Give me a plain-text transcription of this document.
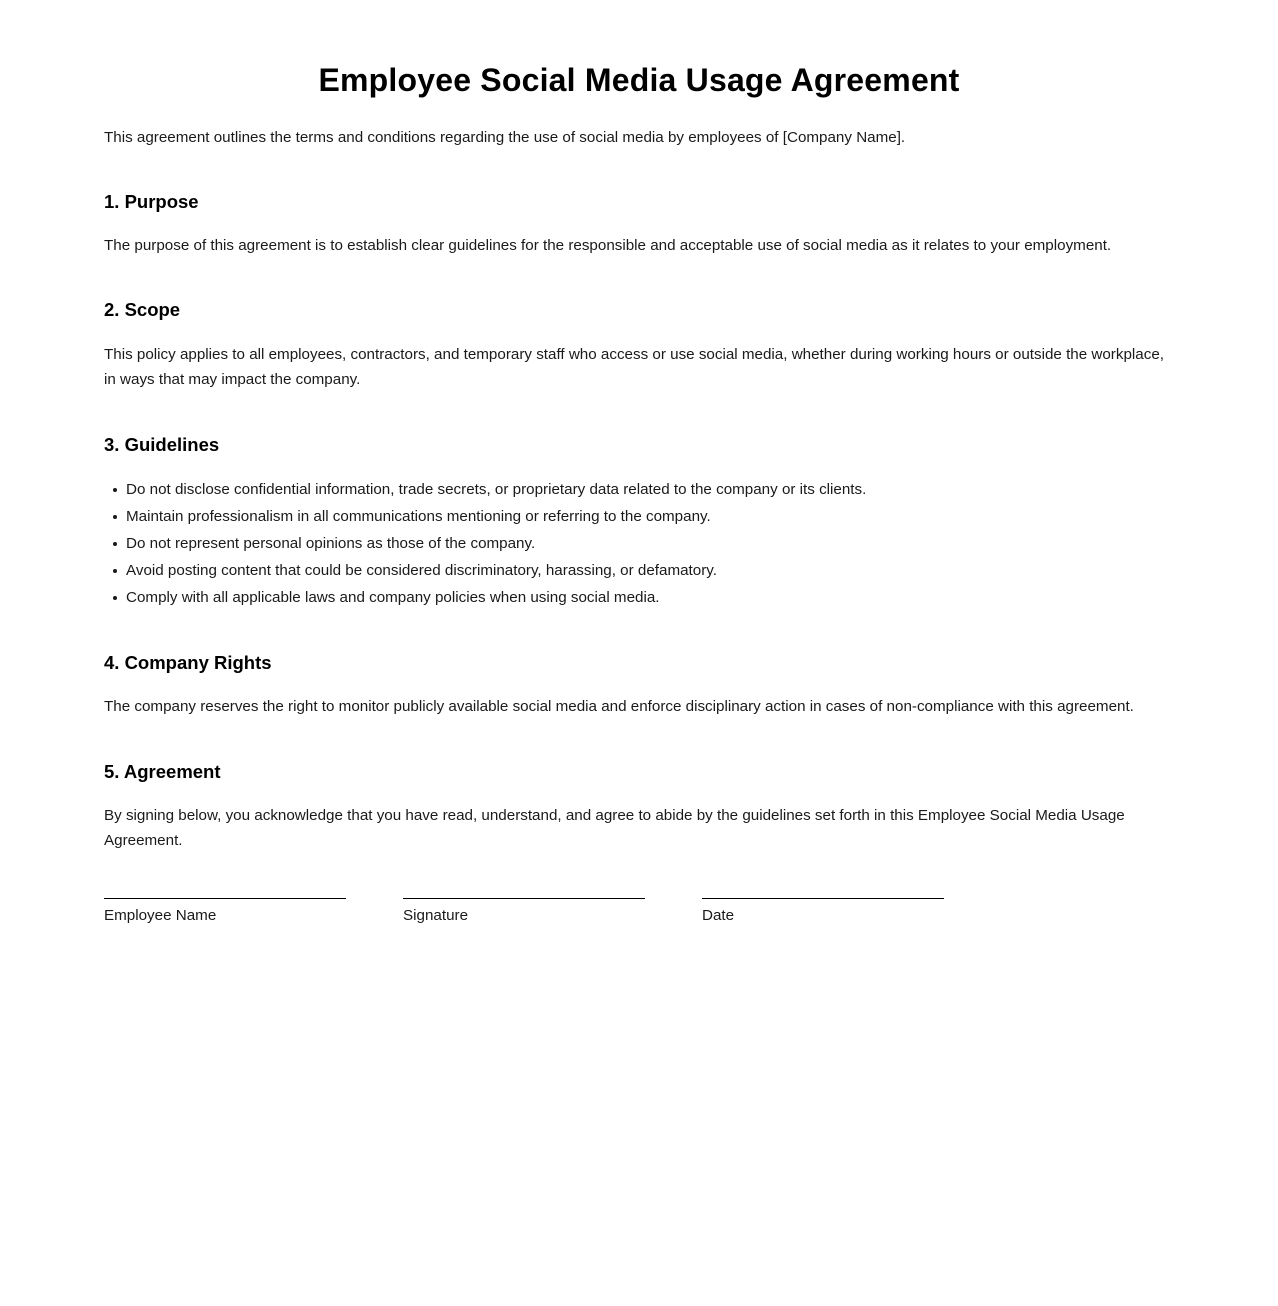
Employee Social Media Usage Agreement

This agreement outlines the terms and conditions regarding the use of social media by employees of [Company Name].

1. Purpose

The purpose of this agreement is to establish clear guidelines for the responsible and acceptable use of social media as it relates to your employment.

2. Scope

This policy applies to all employees, contractors, and temporary staff who access or use social media, whether during working hours or outside the workplace, in ways that may impact the company.

3. Guidelines
Do not disclose confidential information, trade secrets, or proprietary data related to the company or its clients.
Maintain professionalism in all communications mentioning or referring to the company.
Do not represent personal opinions as those of the company.
Avoid posting content that could be considered discriminatory, harassing, or defamatory.
Comply with all applicable laws and company policies when using social media.
4. Company Rights

The company reserves the right to monitor publicly available social media and enforce disciplinary action in cases of non-compliance with this agreement.

5. Agreement

By signing below, you acknowledge that you have read, understand, and agree to abide by the guidelines set forth in this Employee Social Media Usage Agreement.

Employee Name	Signature	Date
